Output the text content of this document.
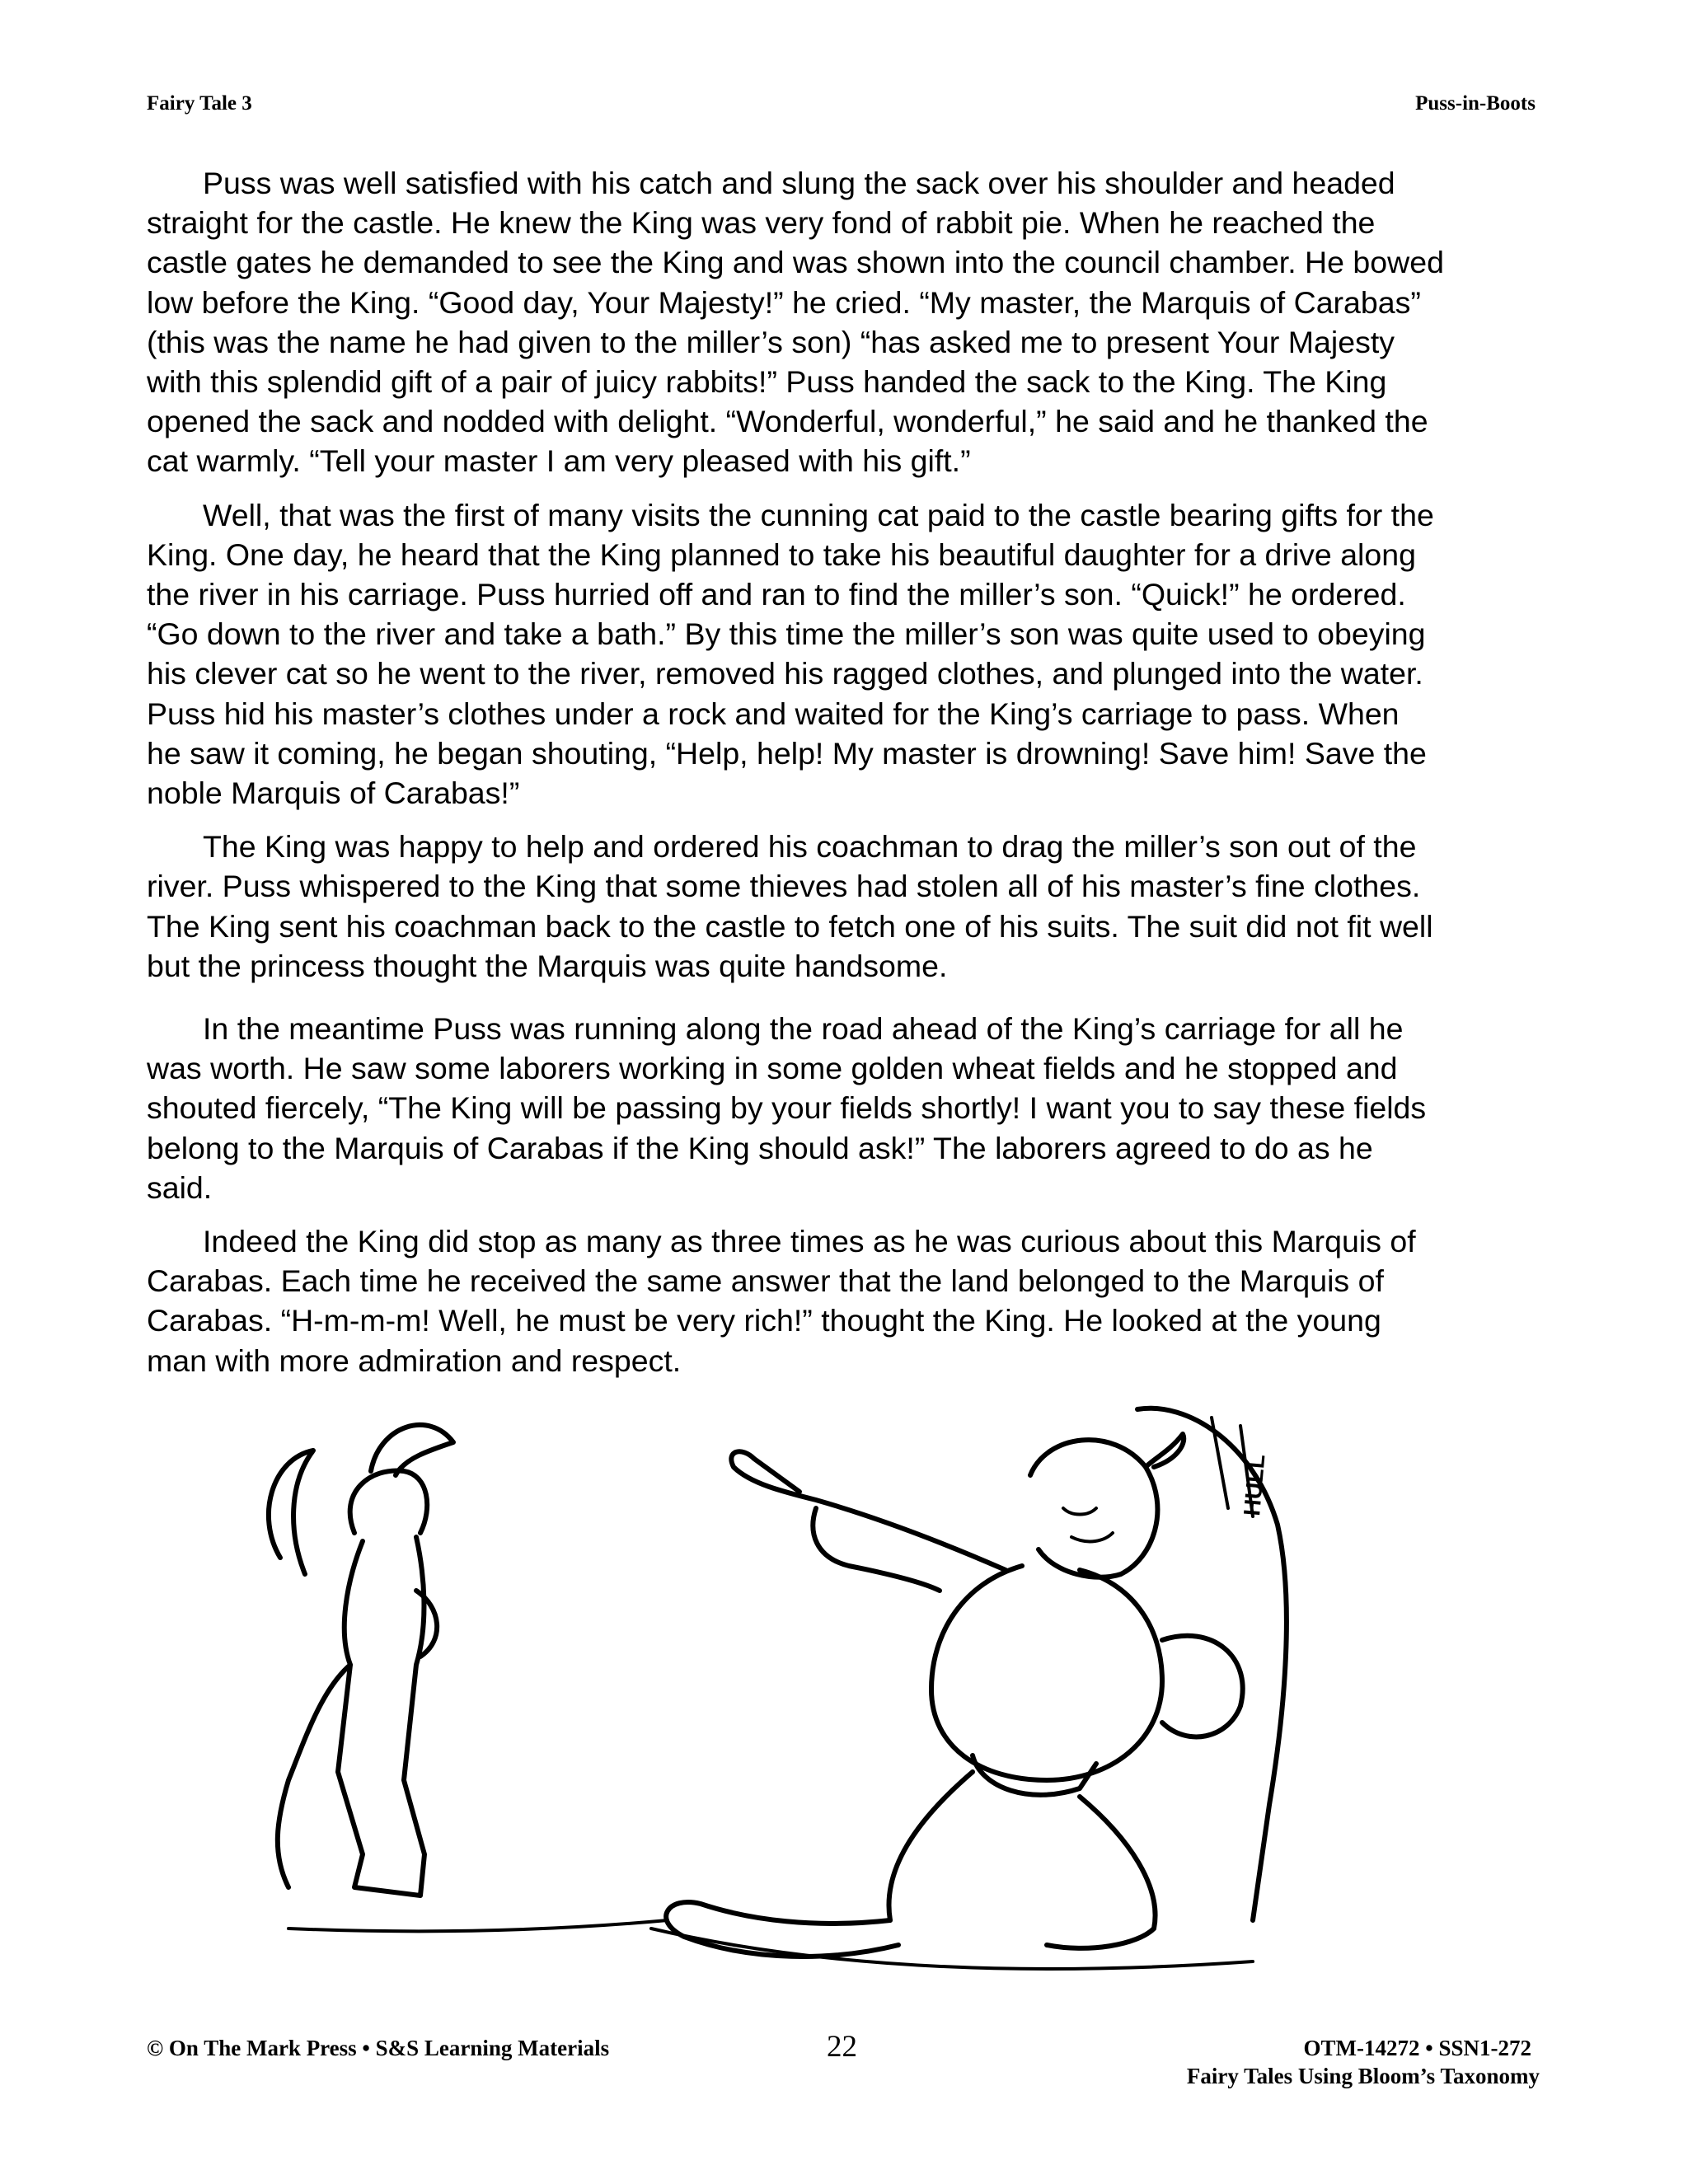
Fairy Tale 3	Puss-in-Boots

Puss was well satisfied with his catch and slung the sack over his shoulder and headed
straight for the castle. He knew the King was very fond of rabbit pie. When he reached the
castle gates he demanded to see the King and was shown into the council chamber. He bowed
low before the King. “Good day, Your Majesty!” he cried. “My master, the Marquis of Carabas”
(this was the name he had given to the miller’s son) “has asked me to present Your Majesty
with this splendid gift of a pair of juicy rabbits!” Puss handed the sack to the King. The King
opened the sack and nodded with delight. “Wonderful, wonderful,” he said and he thanked the
cat warmly. “Tell your master I am very pleased with his gift.”

Well, that was the first of many visits the cunning cat paid to the castle bearing gifts for the
King. One day, he heard that the King planned to take his beautiful daughter for a drive along
the river in his carriage. Puss hurried off and ran to find the miller’s son. “Quick!” he ordered.
“Go down to the river and take a bath.” By this time the miller’s son was quite used to obeying
his clever cat so he went to the river, removed his ragged clothes, and plunged into the water.
Puss hid his master’s clothes under a rock and waited for the King’s carriage to pass. When
he saw it coming, he began shouting, “Help, help! My master is drowning! Save him! Save the
noble Marquis of Carabas!”

The King was happy to help and ordered his coachman to drag the miller’s son out of the
river. Puss whispered to the King that some thieves had stolen all of his master’s fine clothes.
The King sent his coachman back to the castle to fetch one of his suits. The suit did not fit well
but the princess thought the Marquis was quite handsome.

In the meantime Puss was running along the road ahead of the King’s carriage for all he
was worth. He saw some laborers working in some golden wheat fields and he stopped and
shouted fiercely, “The King will be passing by your fields shortly! I want you to say these fields
belong to the Marquis of Carabas if the King should ask!” The laborers agreed to do as he
said.

Indeed the King did stop as many as three times as he was curious about this Marquis of
Carabas. Each time he received the same answer that the land belonged to the Marquis of
Carabas. “H-m-m-m! Well, he must be very rich!” thought the King. He looked at the young
man with more admiration and respect.

HULL
© On The Mark Press • S&S Learning Materials	22	OTM-14272 • SSN1-272
Fairy Tales Using Bloom’s Taxonomy
